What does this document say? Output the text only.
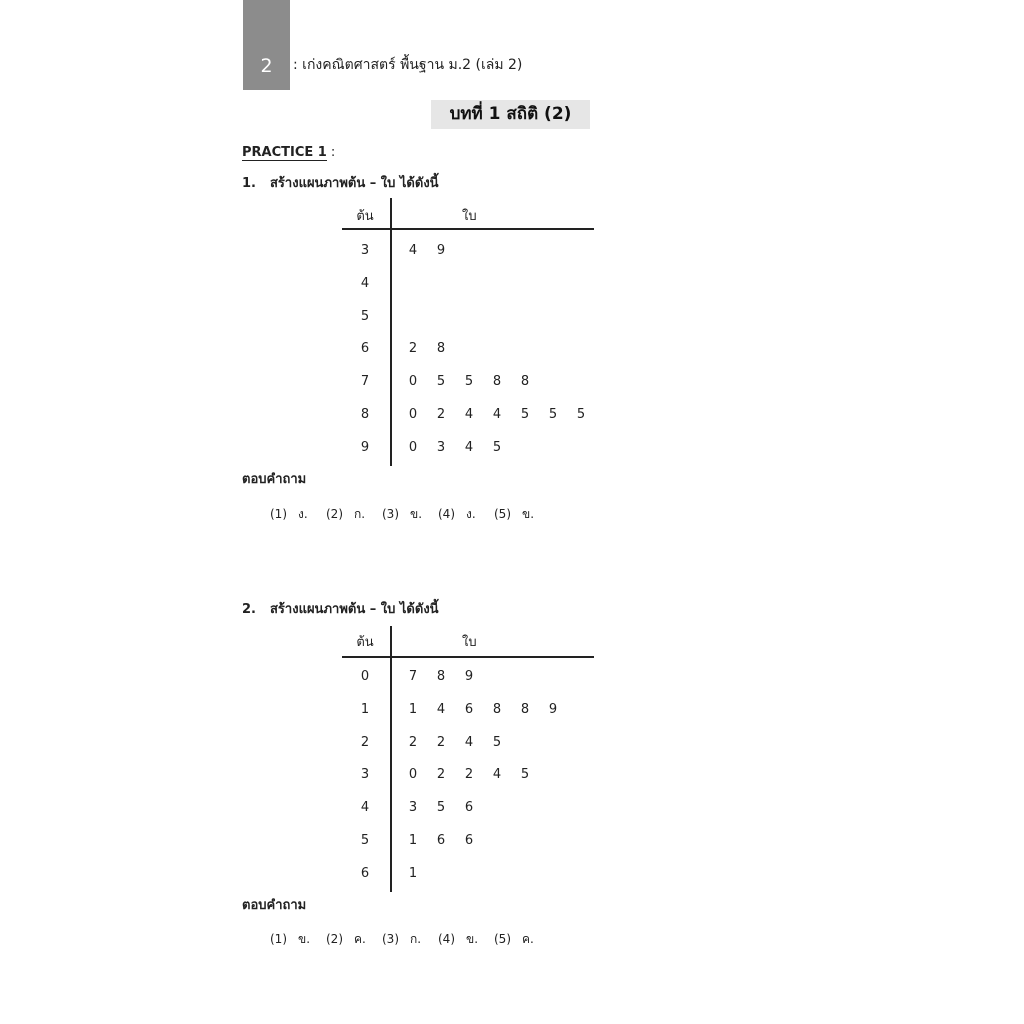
2	: เก่งคณิตศาสตร์ พื้นฐาน ม.2 (เล่ม 2)
บทที่ 1 สถิติ (2)
PRACTICE 1 :
1. สร้างแผนภาพต้น – ใบ ได้ดังนี้
ต้น	ใบ
3	4 9
4
5
6	2 8
7	0 5 5 8 8
8	0 2 4 4 5 5 5
9	0 3 4 5
ตอบคำถาม
(1) ง. (2) ก. (3) ข. (4) ง. (5) ข.
2. สร้างแผนภาพต้น – ใบ ได้ดังนี้
ต้น	ใบ
0	7 8 9
1	1 4 6 8 8 9
2	2 2 4 5
3	0 2 2 4 5
4	3 5 6
5	1 6 6
6	1
ตอบคำถาม
(1) ข. (2) ค. (3) ก. (4) ข. (5) ค.
